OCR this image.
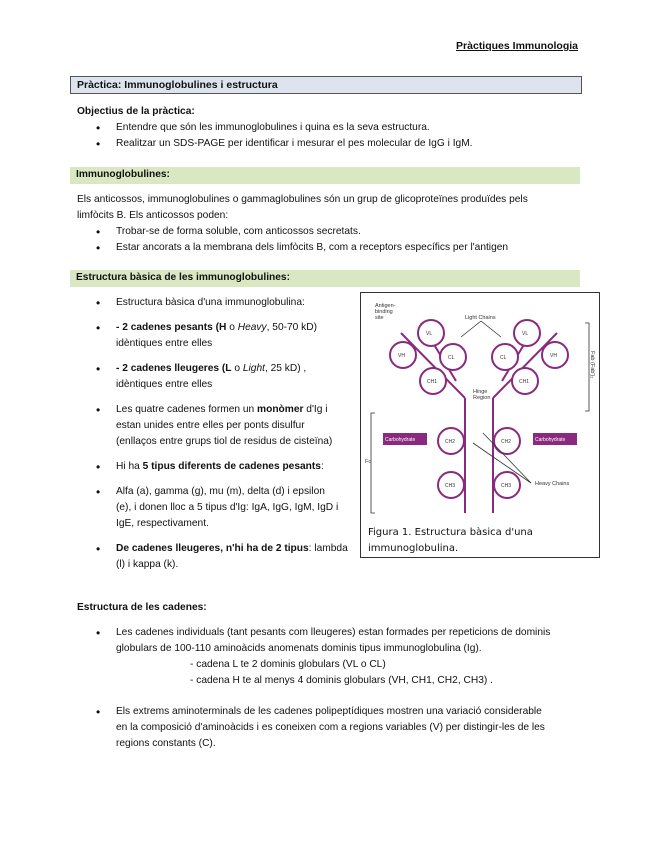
Pràctiques Immunologia
Pràctica: Immunoglobulines i estructura
Objectius de la pràctica:
• Entendre que són les immunoglobulines i quina es la seva estructura.
• Realitzar un SDS-PAGE per identificar i mesurar el pes molecular de IgG i IgM.
Immunoglobulines:
Els anticossos, immunoglobulines o gammaglobulines són un grup de glicoproteïnes produïdes pels
limfòcits B. Els anticossos poden:
• Trobar-se de forma soluble, com anticossos secretats.
• Estar ancorats a la membrana dels limfòcits B, com a receptors específics per l'antigen
Estructura bàsica de les immunoglobulines:
• Estructura bàsica d'una immunoglobulina:
• - 2 cadenes pesants (H o Heavy, 50-70 kD)
idèntiques entre elles
• - 2 cadenes lleugeres (L o Light, 25 kD) ,
idèntiques entre elles
• Les quatre cadenes formen un monòmer d'Ig i
estan unides entre elles per ponts disulfur
(enllaços entre grups tiol de residus de cisteïna)
• Hi ha 5 tipus diferents de cadenes pesants:
• Alfa (a), gamma (g), mu (m), delta (d) i epsilon
(e), i donen lloc a 5 tipus d'Ig: IgA, IgG, IgM, IgD i
IgE, respectivament.
• De cadenes lleugeres, n'hi ha de 2 tipus: lambda
(l) i kappa (k).
Antigen-
binding
site	Light Chains
Hinge
Region
Heavy Chains
Fc
Fab (Fab')₂
Carbohydrate	Carbohydrate
VH
VL
CL
CH1
VH
VL
CL
CH1
CH2	CH2
CH3	CH3
Figura 1. Estructura bàsica d'una
immunoglobulina.
Estructura de les cadenes:
• Les cadenes individuals (tant pesants com lleugeres) estan formades per repeticions de dominis
globulars de 100-110 aminoàcids anomenats dominis tipus immunoglobulina (Ig).
- cadena L te 2 dominis globulars (VL o CL)
- cadena H te al menys 4 dominis globulars (VH, CH1, CH2, CH3) .
• Els extrems aminoterminals de les cadenes polipeptídiques mostren una variació considerable
en la composició d'aminoàcids i es coneixen com a regions variables (V) per distingir-les de les
regions constants (C).
